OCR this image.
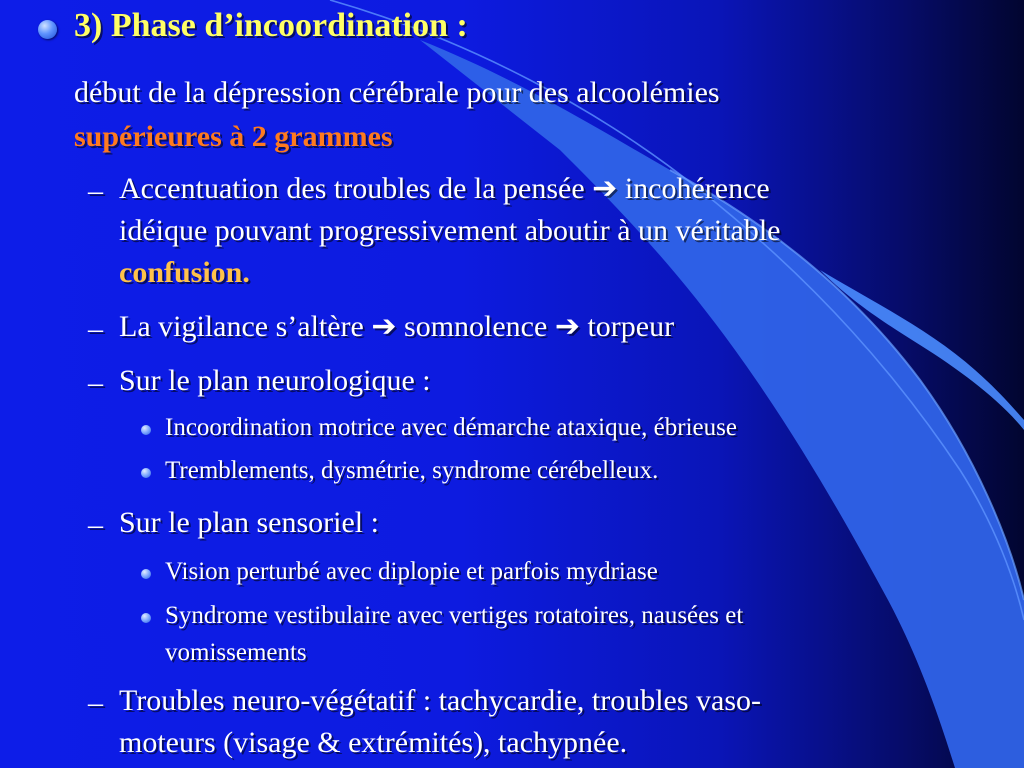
3) Phase d’incoordination :
début de la dépression cérébrale pour des alcoolémies
supérieures à 2 grammes
– Accentuation des troubles de la pensée ➔ incohérence
idéique pouvant progressivement aboutir à un véritable
confusion.
– La vigilance s’altère ➔ somnolence ➔ torpeur
– Sur le plan neurologique :
Incoordination motrice avec démarche ataxique, ébrieuse
Tremblements, dysmétrie, syndrome cérébelleux.
– Sur le plan sensoriel :
Vision perturbé avec diplopie et parfois mydriase
Syndrome vestibulaire avec vertiges rotatoires, nausées et
vomissements
– Troubles neuro-végétatif : tachycardie, troubles vaso-
moteurs (visage & extrémités), tachypnée.
